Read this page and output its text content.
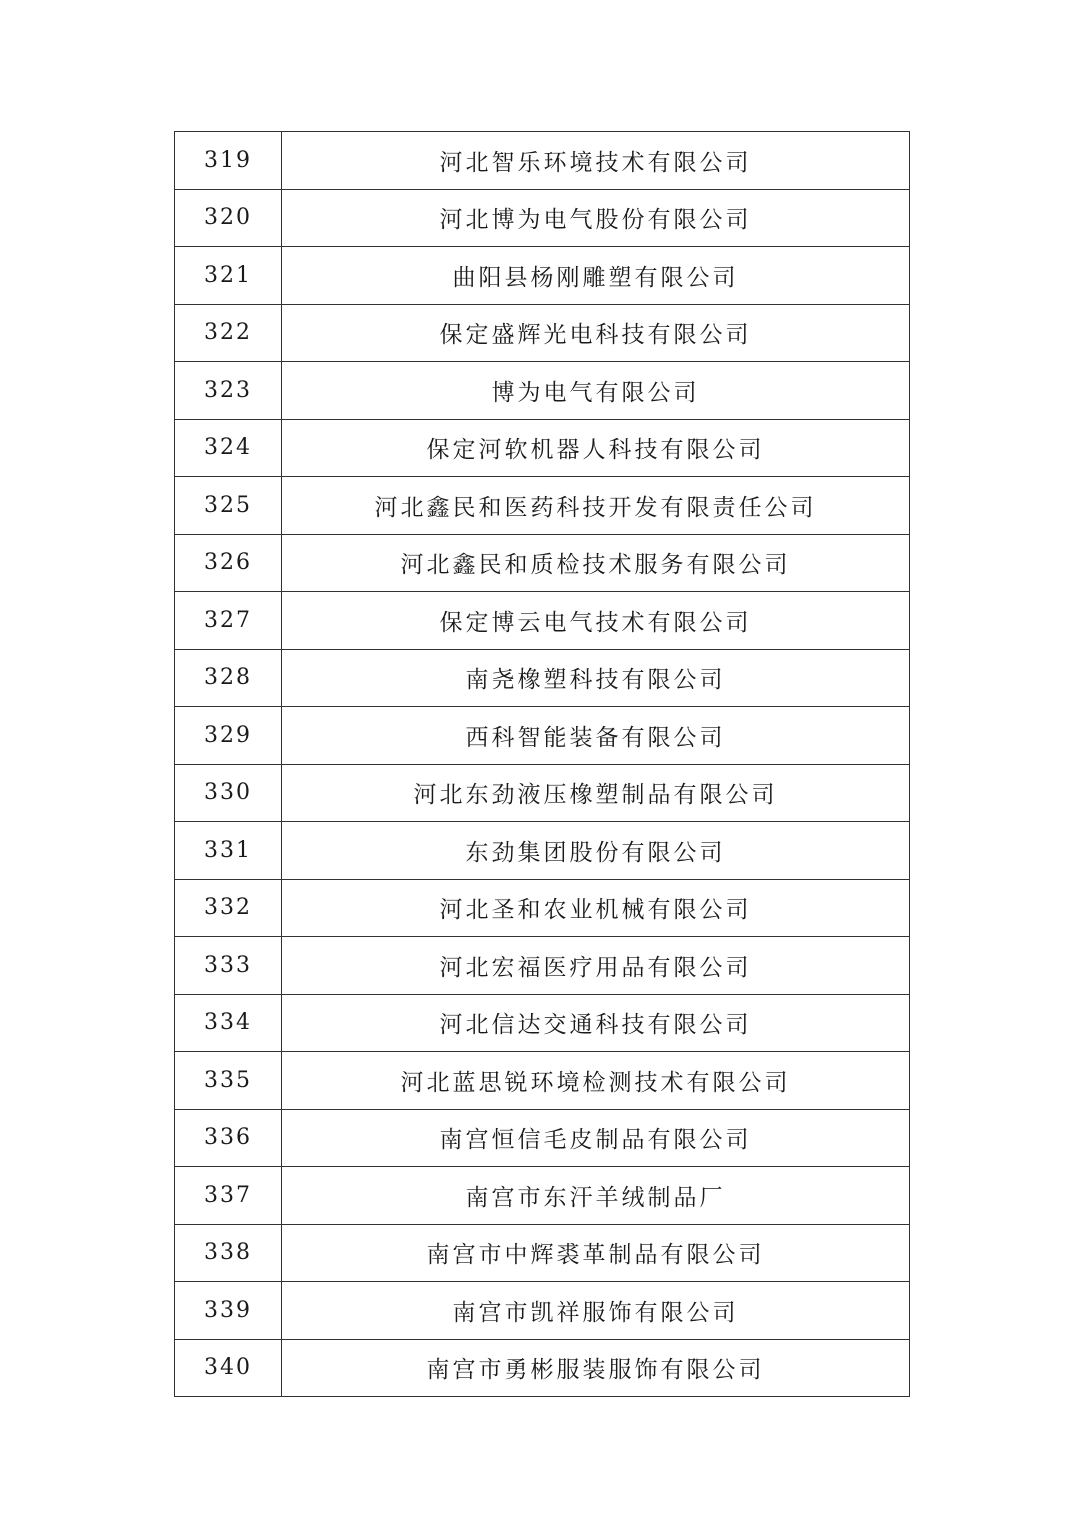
319	河北智乐环境技术有限公司
320	河北博为电气股份有限公司
321	曲阳县杨刚雕塑有限公司
322	保定盛辉光电科技有限公司
323	博为电气有限公司
324	保定河软机器人科技有限公司
325	河北鑫民和医药科技开发有限责任公司
326	河北鑫民和质检技术服务有限公司
327	保定博云电气技术有限公司
328	南尧橡塑科技有限公司
329	西科智能装备有限公司
330	河北东劲液压橡塑制品有限公司
331	东劲集团股份有限公司
332	河北圣和农业机械有限公司
333	河北宏福医疗用品有限公司
334	河北信达交通科技有限公司
335	河北蓝思锐环境检测技术有限公司
336	南宫恒信毛皮制品有限公司
337	南宫市东汗羊绒制品厂
338	南宫市中辉裘革制品有限公司
339	南宫市凯祥服饰有限公司
340	南宫市勇彬服装服饰有限公司
